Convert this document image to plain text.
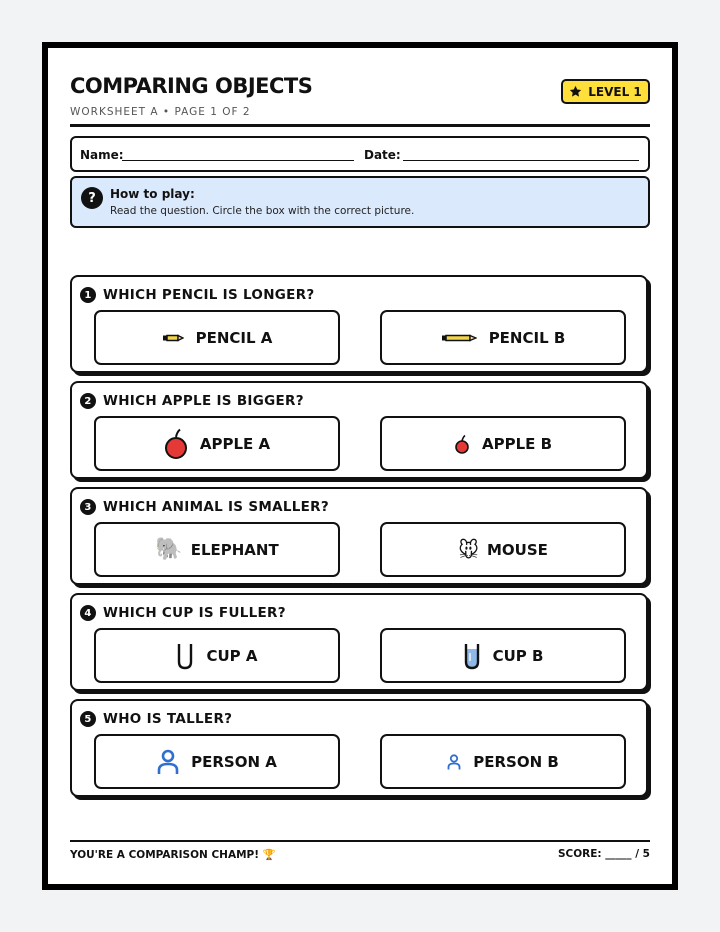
COMPARING OBJECTS
WORKSHEET A • PAGE 1 OF 2
LEVEL 1
Name:	Date:
?	How to play:
Read the question. Circle the box with the correct picture.
1 WHICH PENCIL IS LONGER?
PENCIL A	PENCIL B
2 WHICH APPLE IS BIGGER?
APPLE A	APPLE B
3 WHICH ANIMAL IS SMALLER?
🐘 ELEPHANT	🐭 MOUSE
4 WHICH CUP IS FULLER?
CUP A	CUP B
5 WHO IS TALLER?
PERSON A	PERSON B
YOU'RE A COMPARISON CHAMP! 🏆	SCORE: _____ / 5
